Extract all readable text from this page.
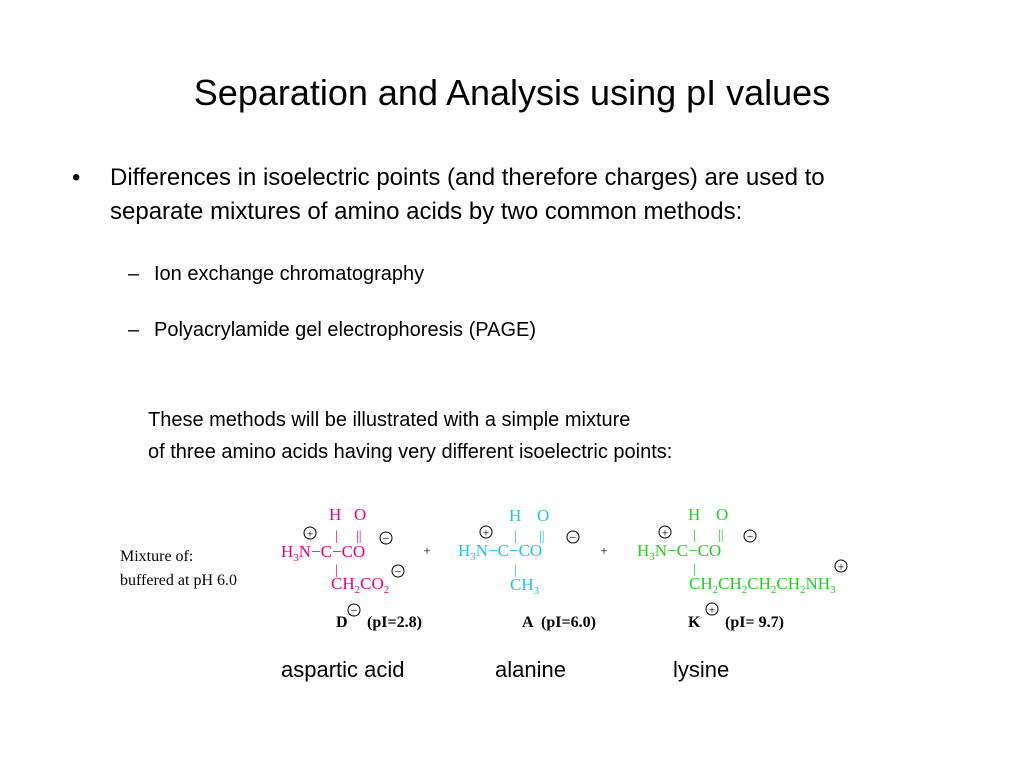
Separation and Analysis using pI values
• Differences in isoelectric points (and therefore charges) are used to
separate mixtures of amino acids by two common methods:
– Ion exchange chromatography
– Polyacrylamide gel electrophoresis (PAGE)
These methods will be illustrated with a simple mixture
of three amino acids having very different isoelectric points:
Mixture of:
buffered at pH 6.0
H O
| ||
$H_3N-C-CO$
|
$CH_2CO_2$
+	−
−
+
H O
| ||
$H_3N-C-CO$
|
$CH_3$
+	−
+
H O
| ||
$H_3N-C-CO$
|
$CH_2CH_2CH_2CH_2NH_3$
+	−
+
D (pI=2.8)	A (pI=6.0)	K (pI= 9.7)
−	+
aspartic acid	alanine	lysine
